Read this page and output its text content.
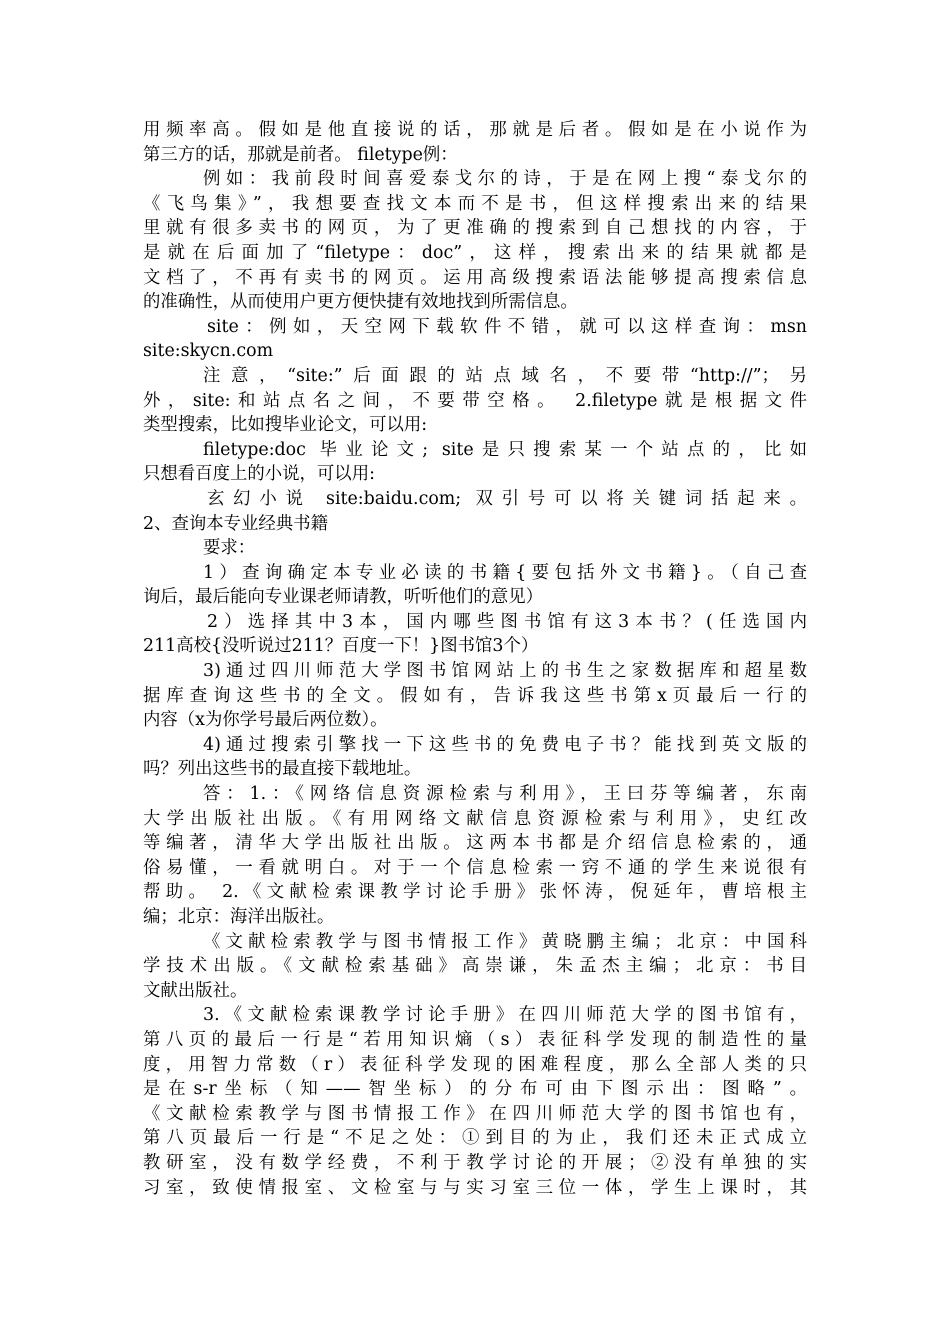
用频率高。假如是他直接说的话，那就是后者。假如是在小说作为
第三方的话，那就是前者。 filetype例：
例如：我前段时间喜爱泰戈尔的诗，于是在网上搜“泰戈尔的
《飞鸟集》”，我想要查找文本而不是书，但这样搜索出来的结果
里就有很多卖书的网页，为了更准确的搜索到自己想找的内容，于
是就在后面加了“filetype：doc”，这样，搜索出来的结果就都是
文档了，不再有卖书的网页。运用高级搜索语法能够提高搜索信息
的准确性，从而使用户更方便快捷有效地找到所需信息。
site：例如，天空网下载软件不错，就可以这样查询：msn
site:skycn.com
注意，“site:”后面跟的站点域名，不要带“http://”；另
外，site:和站点名之间，不要带空格。 2.filetype就是根据文件
类型搜索，比如搜毕业论文，可以用:
filetype:doc 毕业论文; site是只搜索某一个站点的，比如
只想看百度上的小说，可以用:
玄幻小说 site:baidu.com; 双引号可以将关键词括起来。
2、查询本专业经典书籍
要求：
1）查询确定本专业必读的书籍{要包括外文书籍}。（自己查
询后，最后能向专业课老师请教，听听他们的意见）
2）选择其中3本，国内哪些图书馆有这3本书？(任选国内
211高校{没听说过211？百度一下！}图书馆3个）
3)通过四川师范大学图书馆网站上的书生之家数据库和超星数
据库查询这些书的全文。假如有，告诉我这些书第x页最后一行的
内容（x为你学号最后两位数）。
4)通过搜索引擎找一下这些书的免费电子书？能找到英文版的
吗？列出这些书的最直接下载地址。
答：1.：《网络信息资源检索与利用》，王曰芬等编著，东南
大学出版社出版。《有用网络文献信息资源检索与利用》，史红改
等编著，清华大学出版社出版。这两本书都是介绍信息检索的，通
俗易懂，一看就明白。对于一个信息检索一窍不通的学生来说很有
帮助。 2.《文献检索课教学讨论手册》张怀涛，倪延年，曹培根主
编；北京：海洋出版社。
《文献检索教学与图书情报工作》黄晓鹏主编；北京：中国科
学技术出版。《文献检索基础》高崇谦，朱孟杰主编；北京：书目
文献出版社。
3.《文献检索课教学讨论手册》在四川师范大学的图书馆有，
第八页的最后一行是“若用知识熵（s）表征科学发现的制造性的量
度，用智力常数（r）表征科学发现的困难程度，那么全部人类的只
是在s-r坐标（知——智坐标）的分布可由下图示出：图略”。
《文献检索教学与图书情报工作》在四川师范大学的图书馆也有，
第八页最后一行是“不足之处：①到目的为止，我们还未正式成立
教研室，没有数学经费，不利于教学讨论的开展；②没有单独的实
习室，致使情报室、文检室与与实习室三位一体，学生上课时，其
